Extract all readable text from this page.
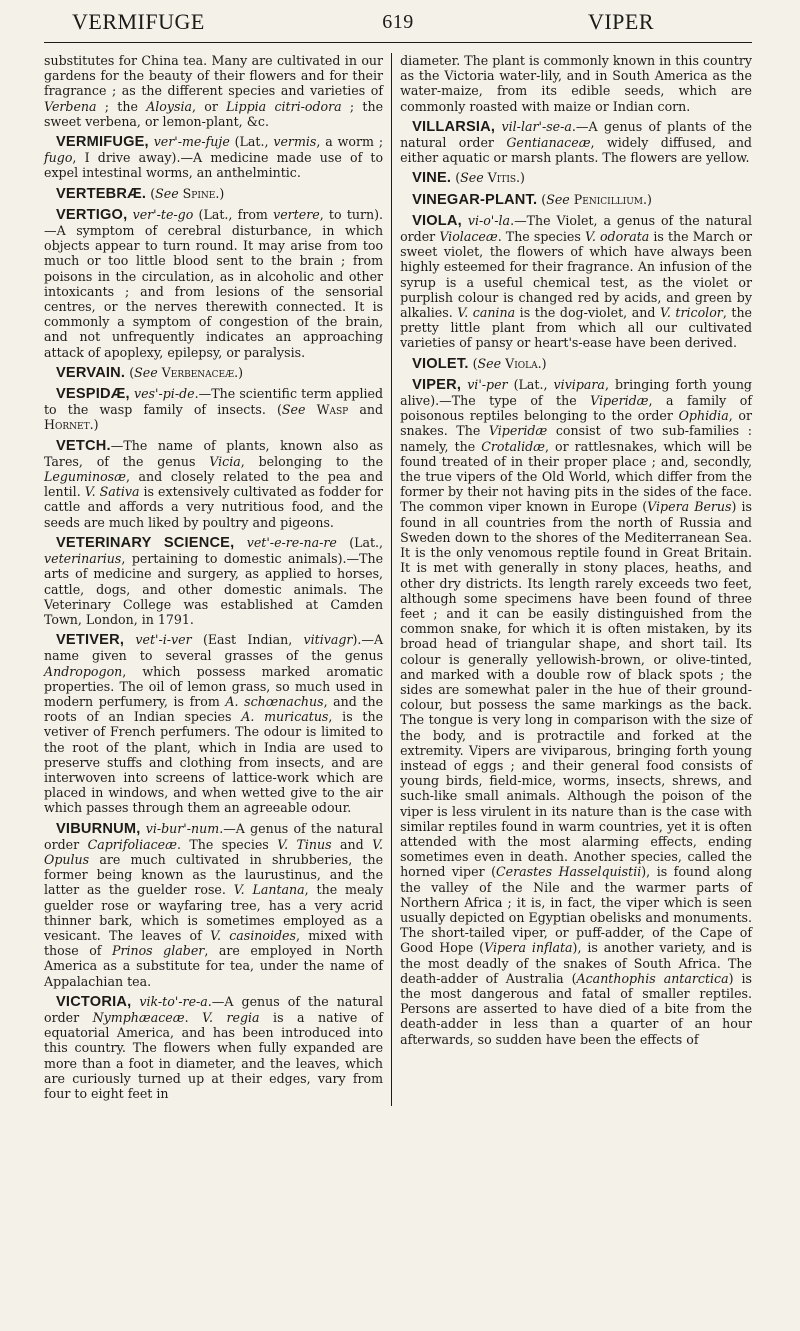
VERMIFUGE	619	VIPER

substitutes for China tea. Many are cultivated in our gardens for the beauty of their flowers and for their fragrance ; as the different species and varieties of Verbena ; the Aloysia, or Lippia citri-odora ; the sweet verbena, or lemon-plant, &c.

VERMIFUGE, ver'-me-fuje (Lat., vermis, a worm ; fugo, I drive away).—A medicine made use of to expel intestinal worms, an anthelmintic.

VERTEBRÆ. (See Spine.)

VERTIGO, ver'-te-go (Lat., from vertere, to turn).—A symptom of cerebral disturbance, in which objects appear to turn round. It may arise from too much or too little blood sent to the brain ; from poisons in the circulation, as in alcoholic and other intoxicants ; and from lesions of the sensorial centres, or the nerves therewith connected. It is commonly a symptom of congestion of the brain, and not unfrequently indicates an approaching attack of apoplexy, epilepsy, or paralysis.

VERVAIN. (See Verbenaceæ.)

VESPIDÆ, ves'-pi-de.—The scientific term applied to the wasp family of insects. (See Wasp and Hornet.)

VETCH.—The name of plants, known also as Tares, of the genus Vicia, belonging to the Leguminosæ, and closely related to the pea and lentil. V. Sativa is extensively cultivated as fodder for cattle and affords a very nutritious food, and the seeds are much liked by poultry and pigeons.

VETERINARY SCIENCE, vet'-e-re-na-re (Lat., veterinarius, pertaining to domestic animals).—The arts of medicine and surgery, as applied to horses, cattle, dogs, and other domestic animals. The Veterinary College was established at Camden Town, London, in 1791.

VETIVER, vet'-i-ver (East Indian, vitivagr).—A name given to several grasses of the genus Andropogon, which possess marked aromatic properties. The oil of lemon grass, so much used in modern perfumery, is from A. schœnachus, and the roots of an Indian species A. muricatus, is the vetiver of French perfumers. The odour is limited to the root of the plant, which in India are used to preserve stuffs and clothing from insects, and are interwoven into screens of lattice-work which are placed in windows, and when wetted give to the air which passes through them an agreeable odour.

VIBURNUM, vi-bur'-num.—A genus of the natural order Caprifoliaceæ. The species V. Tinus and V. Opulus are much cultivated in shrubberies, the former being known as the laurustinus, and the latter as the guelder rose. V. Lantana, the mealy guelder rose or wayfaring tree, has a very acrid thinner bark, which is sometimes employed as a vesicant. The leaves of V. casinoides, mixed with those of Prinos glaber, are employed in North America as a substitute for tea, under the name of Appalachian tea.

VICTORIA, vik-to'-re-a.—A genus of the natural order Nymphæaceæ. V. regia is a native of equatorial America, and has been introduced into this country. The flowers when fully expanded are more than a foot in diameter, and the leaves, which are curiously turned up at their edges, vary from four to eight feet in

diameter. The plant is commonly known in this country as the Victoria water-lily, and in South America as the water-maize, from its edible seeds, which are commonly roasted with maize or Indian corn.

VILLARSIA, vil-lar'-se-a.—A genus of plants of the natural order Gentianaceæ, widely diffused, and either aquatic or marsh plants. The flowers are yellow.

VINE. (See Vitis.)

VINEGAR-PLANT. (See Penicillium.)

VIOLA, vi-o'-la.—The Violet, a genus of the natural order Violaceæ. The species V. odorata is the March or sweet violet, the flowers of which have always been highly esteemed for their fragrance. An infusion of the syrup is a useful chemical test, as the violet or purplish colour is changed red by acids, and green by alkalies. V. canina is the dog-violet, and V. tricolor, the pretty little plant from which all our cultivated varieties of pansy or heart's-ease have been derived.

VIOLET. (See Viola.)

VIPER, vi'-per (Lat., vivipara, bringing forth young alive).—The type of the Viperidæ, a family of poisonous reptiles belonging to the order Ophidia, or snakes. The Viperidæ consist of two sub-families : namely, the Crotalidæ, or rattlesnakes, which will be found treated of in their proper place ; and, secondly, the true vipers of the Old World, which differ from the former by their not having pits in the sides of the face. The common viper known in Europe (Vipera Berus) is found in all countries from the north of Russia and Sweden down to the shores of the Mediterranean Sea. It is the only venomous reptile found in Great Britain. It is met with generally in stony places, heaths, and other dry districts. Its length rarely exceeds two feet, although some specimens have been found of three feet ; and it can be easily distinguished from the common snake, for which it is often mistaken, by its broad head of triangular shape, and short tail. Its colour is generally yellowish-brown, or olive-tinted, and marked with a double row of black spots ; the sides are somewhat paler in the hue of their ground-colour, but possess the same markings as the back. The tongue is very long in comparison with the size of the body, and is protractile and forked at the extremity. Vipers are viviparous, bringing forth young instead of eggs ; and their general food consists of young birds, field-mice, worms, insects, shrews, and such-like small animals. Although the poison of the viper is less virulent in its nature than is the case with similar reptiles found in warm countries, yet it is often attended with the most alarming effects, ending sometimes even in death. Another species, called the horned viper (Cerastes Hasselquistii), is found along the valley of the Nile and the warmer parts of Northern Africa ; it is, in fact, the viper which is seen usually depicted on Egyptian obelisks and monuments. The short-tailed viper, or puff-adder, of the Cape of Good Hope (Vipera inflata), is another variety, and is the most deadly of the snakes of South Africa. The death-adder of Australia (Acanthophis antarctica) is the most dangerous and fatal of smaller reptiles. Persons are asserted to have died of a bite from the death-adder in less than a quarter of an hour afterwards, so sudden have been the effects of
